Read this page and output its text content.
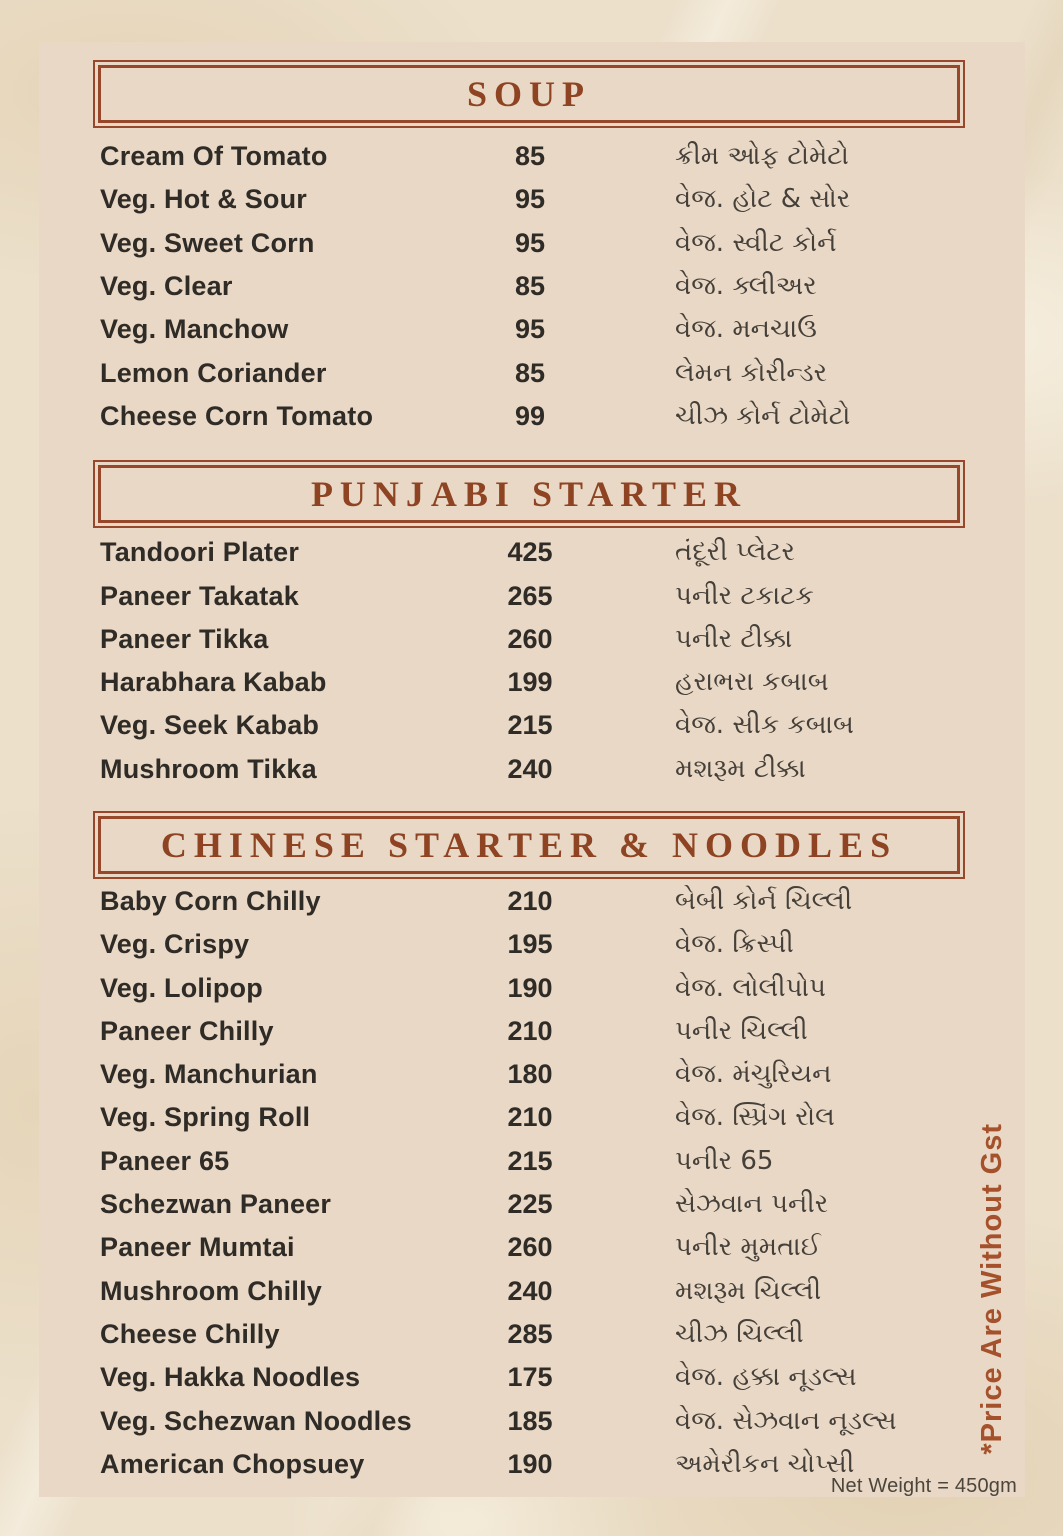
SOUP
Cream Of Tomato	85	ક્રીમ ઓફ ટોમેટો
Veg. Hot & Sour	95	વેજ. હોટ & સોર
Veg. Sweet Corn	95	વેજ. સ્વીટ કોર્ન
Veg. Clear	85	વેજ. ક્લીઅર
Veg. Manchow	95	વેજ. મનચાઉ
Lemon Coriander	85	લેમન કોરીન્ડર
Cheese Corn Tomato	99	ચીઝ કોર્ન ટોમેટો
PUNJABI STARTER
Tandoori Plater	425	તંદૂરી પ્લેટર
Paneer Takatak	265	પનીર ટકાટક
Paneer Tikka	260	પનીર ટીક્કા
Harabhara Kabab	199	હરાભરા કબાબ
Veg. Seek Kabab	215	વેજ. સીક કબાબ
Mushroom Tikka	240	મશરૂમ ટીક્કા
CHINESE STARTER & NOODLES
Baby Corn Chilly	210	બેબી કોર્ન ચિલ્લી
Veg. Crispy	195	વેજ. ક્રિસ્પી
Veg. Lolipop	190	વેજ. લોલીપોપ
Paneer Chilly	210	પનીર ચિલ્લી
Veg. Manchurian	180	વેજ. મંચુરિયન
Veg. Spring Roll	210	વેજ. સ્પ્રિંગ રોલ
Paneer 65	215	પનીર 65
Schezwan Paneer	225	સેઝવાન પનીર
Paneer Mumtai	260	પનીર મુમતાઈ
Mushroom Chilly	240	મશરૂમ ચિલ્લી
Cheese Chilly	285	ચીઝ ચિલ્લી
Veg. Hakka Noodles	175	વેજ. હક્કા નૂડલ્સ
Veg. Schezwan Noodles	185	વેજ. સેઝવાન નૂડલ્સ
American Chopsuey	190	અમેરીકન ચોપ્સી
*Price Are Without Gst
Net Weight = 450gm
